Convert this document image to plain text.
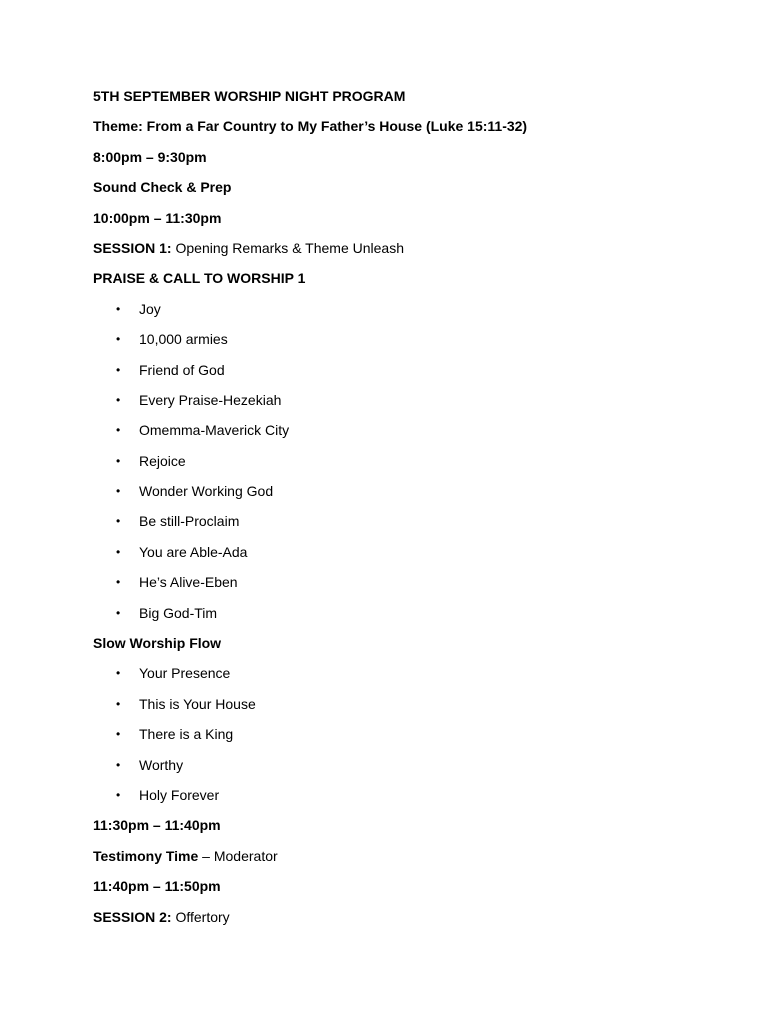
5TH SEPTEMBER WORSHIP NIGHT PROGRAM
Theme: From a Far Country to My Father’s House (Luke 15:11-32)
8:00pm – 9:30pm
Sound Check & Prep
10:00pm – 11:30pm
SESSION 1: Opening Remarks & Theme Unleash
PRAISE & CALL TO WORSHIP 1
•	Joy
•	10,000 armies
•	Friend of God
•	Every Praise-Hezekiah
•	Omemma-Maverick City
•	Rejoice
•	Wonder Working God
•	Be still-Proclaim
•	You are Able-Ada
•	He’s Alive-Eben
•	Big God-Tim
Slow Worship Flow
•	Your Presence
•	This is Your House
•	There is a King
•	Worthy
•	Holy Forever
11:30pm – 11:40pm
Testimony Time – Moderator
11:40pm – 11:50pm
SESSION 2: Offertory
